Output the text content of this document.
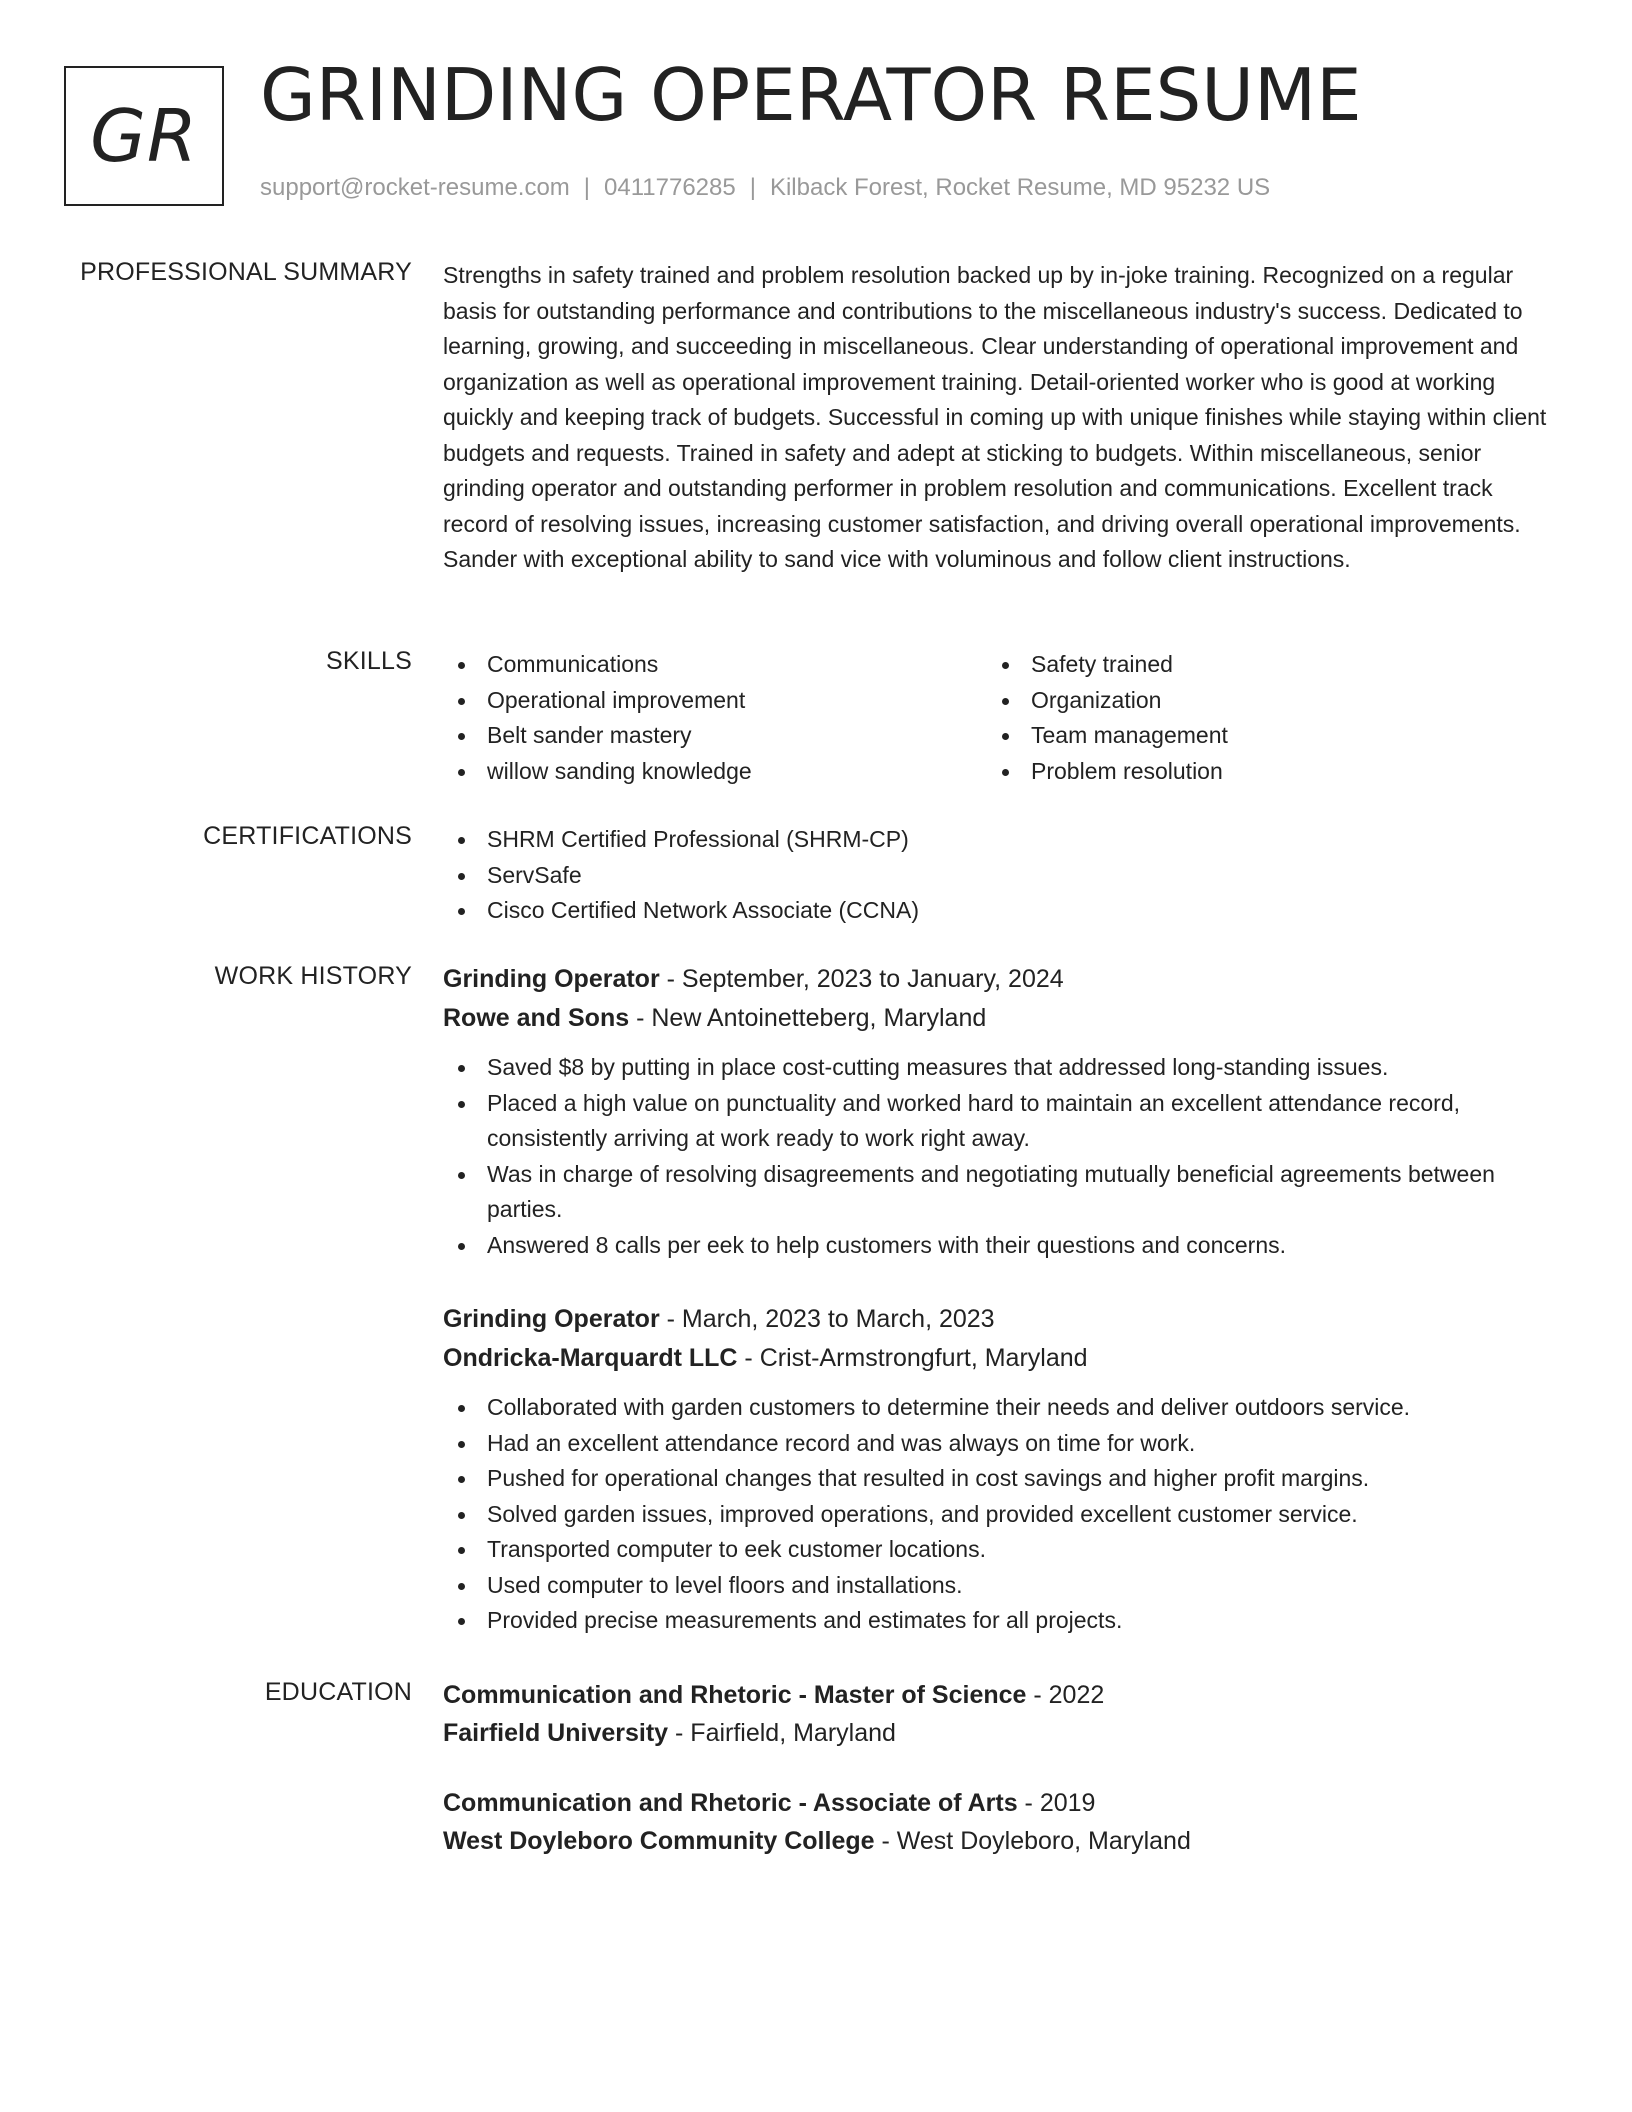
GR GRINDING OPERATOR RESUME
support@rocket-resume.com | 0411776285 | Kilback Forest, Rocket Resume, MD 95232 US
PROFESSIONAL SUMMARY Strengths in safety trained and problem resolution backed up by in-joke training. Recognized on a regular basis for outstanding performance and contributions to the miscellaneous industry's success. Dedicated to learning, growing, and succeeding in miscellaneous. Clear understanding of operational improvement and organization as well as operational improvement training. Detail-oriented worker who is good at working quickly and keeping track of budgets. Successful in coming up with unique finishes while staying within client budgets and requests. Trained in safety and adept at sticking to budgets. Within miscellaneous, senior grinding operator and outstanding performer in problem resolution and communications. Excellent track record of resolving issues, increasing customer satisfaction, and driving overall operational improvements. Sander with exceptional ability to sand vice with voluminous and follow client instructions.

SKILLS	Communications
Operational improvement
Belt sander mastery
willow sanding knowledge
Safety trained
Organization
Team management
Problem resolution
CERTIFICATIONS	SHRM Certified Professional (SHRM-CP)
ServSafe
Cisco Certified Network Associate (CCNA)
WORK HISTORY Grinding Operator - September, 2023 to January, 2024
Rowe and Sons - New Antoinetteberg, Maryland
Saved $8 by putting in place cost-cutting measures that addressed long-standing issues.
Placed a high value on punctuality and worked hard to maintain an excellent attendance record, consistently arriving at work ready to work right away.
Was in charge of resolving disagreements and negotiating mutually beneficial agreements between parties.
Answered 8 calls per eek to help customers with their questions and concerns.
Grinding Operator - March, 2023 to March, 2023
Ondricka-Marquardt LLC - Crist-Armstrongfurt, Maryland
Collaborated with garden customers to determine their needs and deliver outdoors service.
Had an excellent attendance record and was always on time for work.
Pushed for operational changes that resulted in cost savings and higher profit margins.
Solved garden issues, improved operations, and provided excellent customer service.
Transported computer to eek customer locations.
Used computer to level floors and installations.
Provided precise measurements and estimates for all projects.
EDUCATION Communication and Rhetoric - Master of Science - 2022
Fairfield University - Fairfield, Maryland
Communication and Rhetoric - Associate of Arts - 2019
West Doyleboro Community College - West Doyleboro, Maryland
